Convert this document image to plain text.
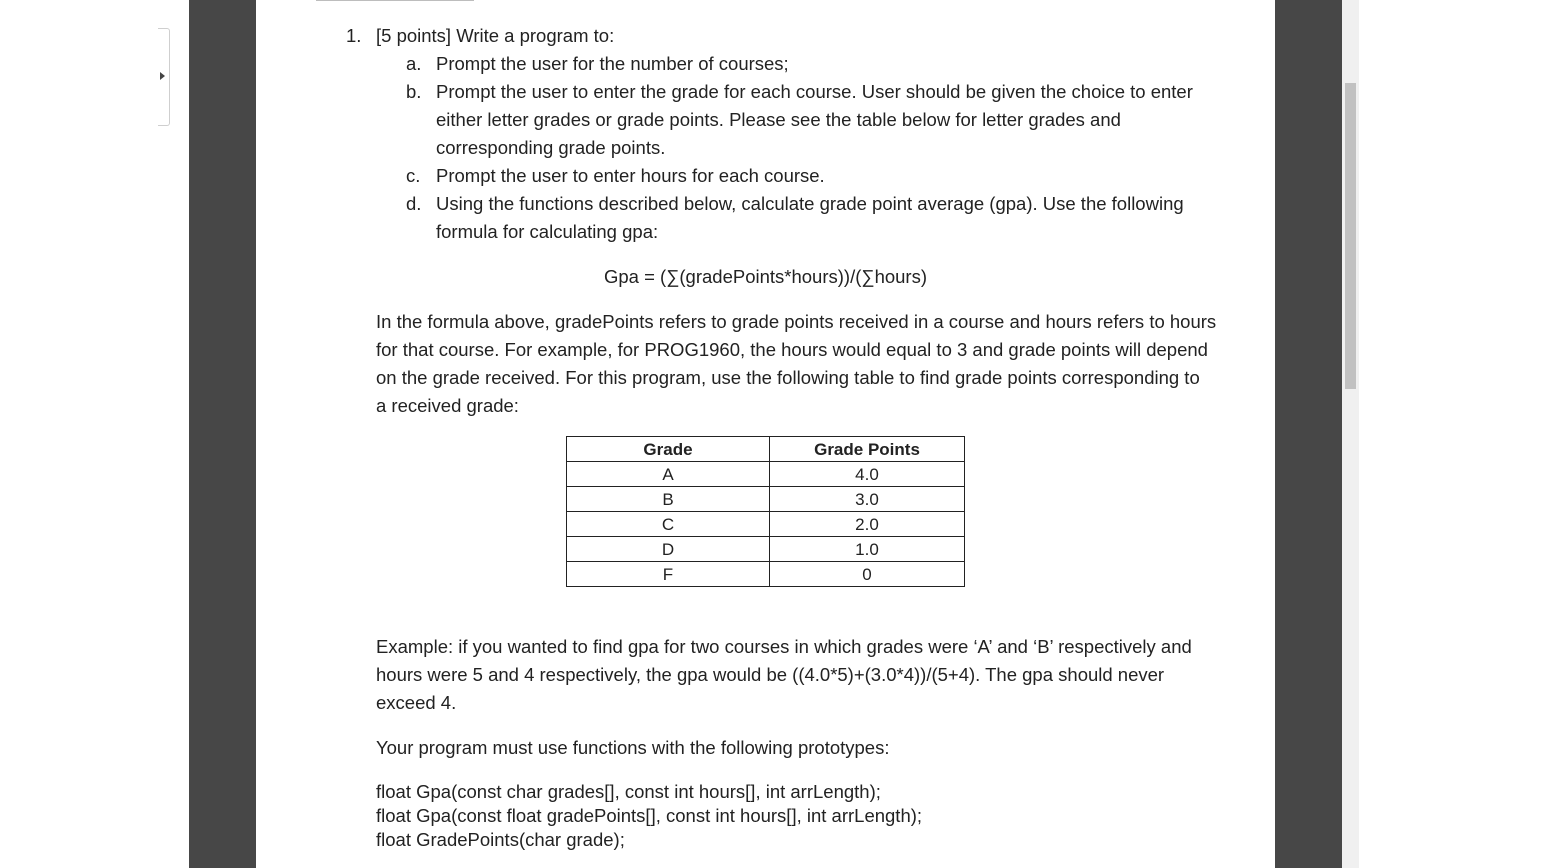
1. [5 points] Write a program to:
a. Prompt the user for the number of courses;
b. Prompt the user to enter the grade for each course. User should be given the choice to enter
either letter grades or grade points. Please see the table below for letter grades and
corresponding grade points.
c. Prompt the user to enter hours for each course.
d. Using the functions described below, calculate grade point average (gpa). Use the following
formula for calculating gpa:
Gpa = (∑(gradePoints*hours))/(∑hours)
In the formula above, gradePoints refers to grade points received in a course and hours refers to hours
for that course. For example, for PROG1960, the hours would equal to 3 and grade points will depend
on the grade received. For this program, use the following table to find grade points corresponding to
a received grade:
Grade	Grade Points
A	4.0
B	3.0
C	2.0
D	1.0
F	0
Example: if you wanted to find gpa for two courses in which grades were ‘A’ and ‘B’ respectively and
hours were 5 and 4 respectively, the gpa would be ((4.0*5)+(3.0*4))/(5+4). The gpa should never
exceed 4.
Your program must use functions with the following prototypes:
float Gpa(const char grades[], const int hours[], int arrLength);
float Gpa(const float gradePoints[], const int hours[], int arrLength);
float GradePoints(char grade);
